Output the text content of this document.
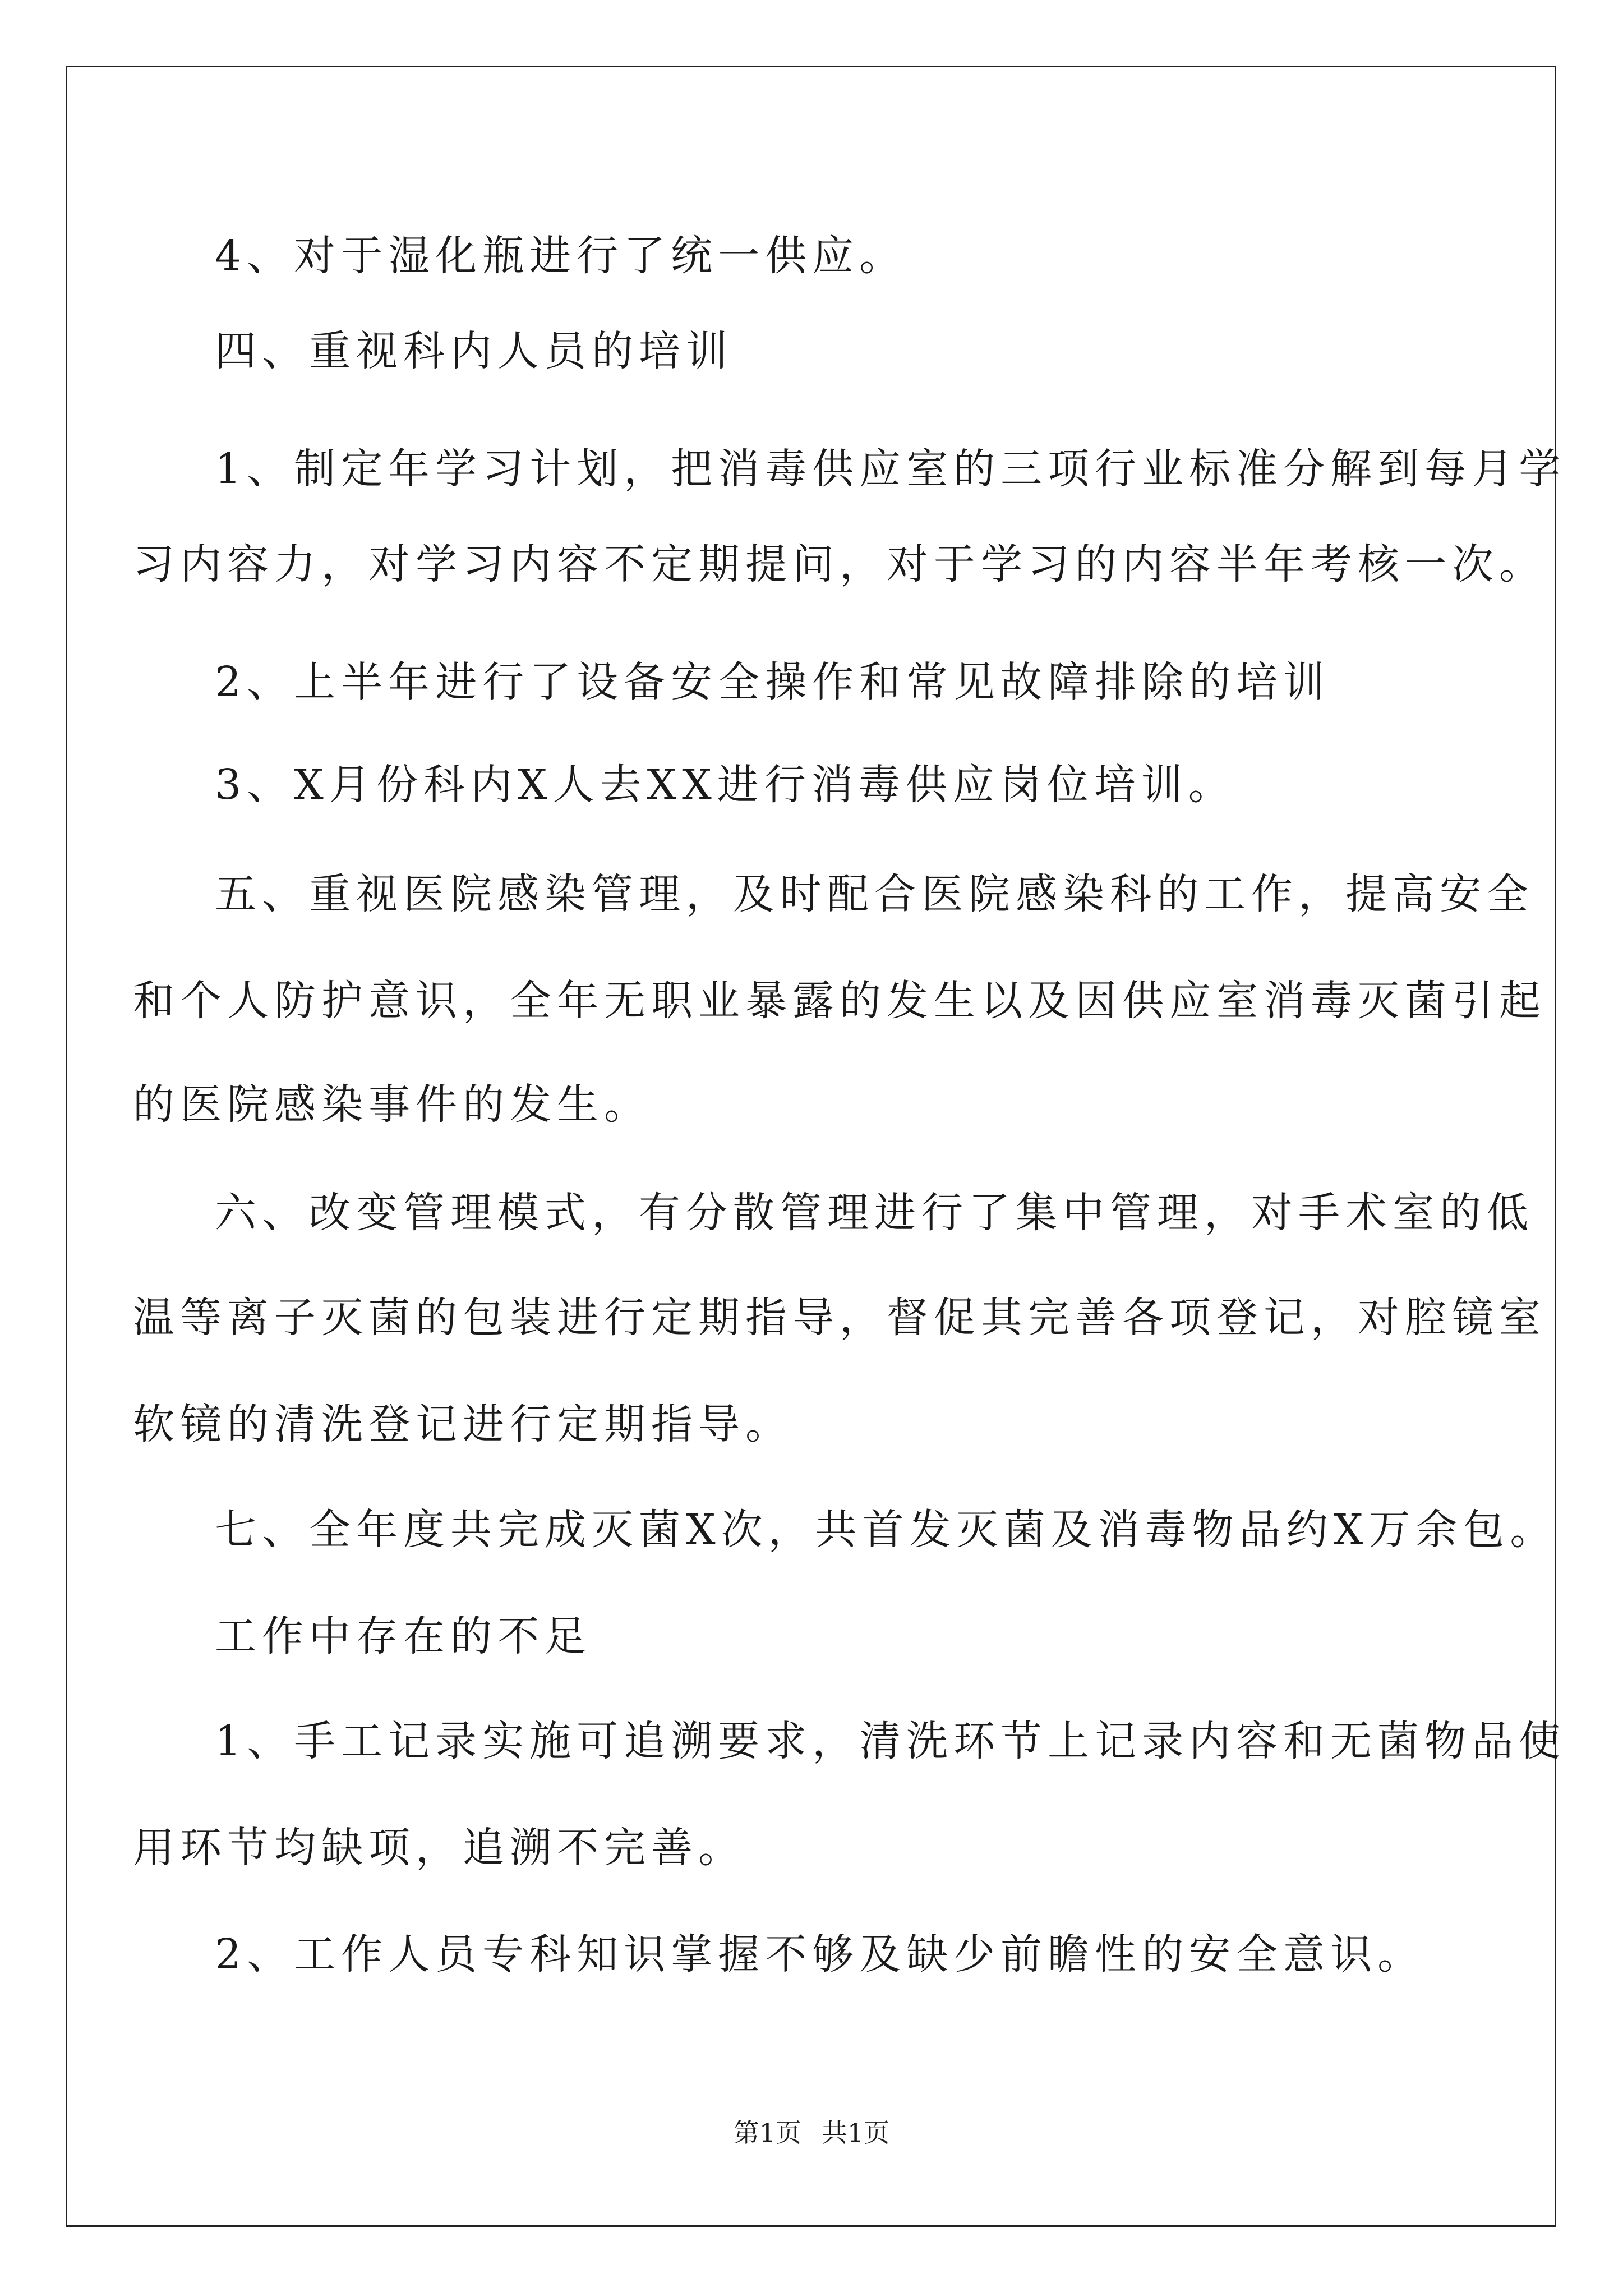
4、对于湿化瓶进行了统一供应。
四、重视科内人员的培训
1、制定年学习计划，把消毒供应室的三项行业标准分解到每月学
习内容力，对学习内容不定期提问，对于学习的内容半年考核一次。
2、上半年进行了设备安全操作和常见故障排除的培训
3、X月份科内X人去XX进行消毒供应岗位培训。
五、重视医院感染管理，及时配合医院感染科的工作，提高安全
和个人防护意识，全年无职业暴露的发生以及因供应室消毒灭菌引起
的医院感染事件的发生。
六、改变管理模式，有分散管理进行了集中管理，对手术室的低
温等离子灭菌的包装进行定期指导，督促其完善各项登记，对腔镜室
软镜的清洗登记进行定期指导。
七、全年度共完成灭菌X次，共首发灭菌及消毒物品约X万余包。
工作中存在的不足
1、手工记录实施可追溯要求，清洗环节上记录内容和无菌物品使
用环节均缺项，追溯不完善。
2、工作人员专科知识掌握不够及缺少前瞻性的安全意识。
第1页 共1页
